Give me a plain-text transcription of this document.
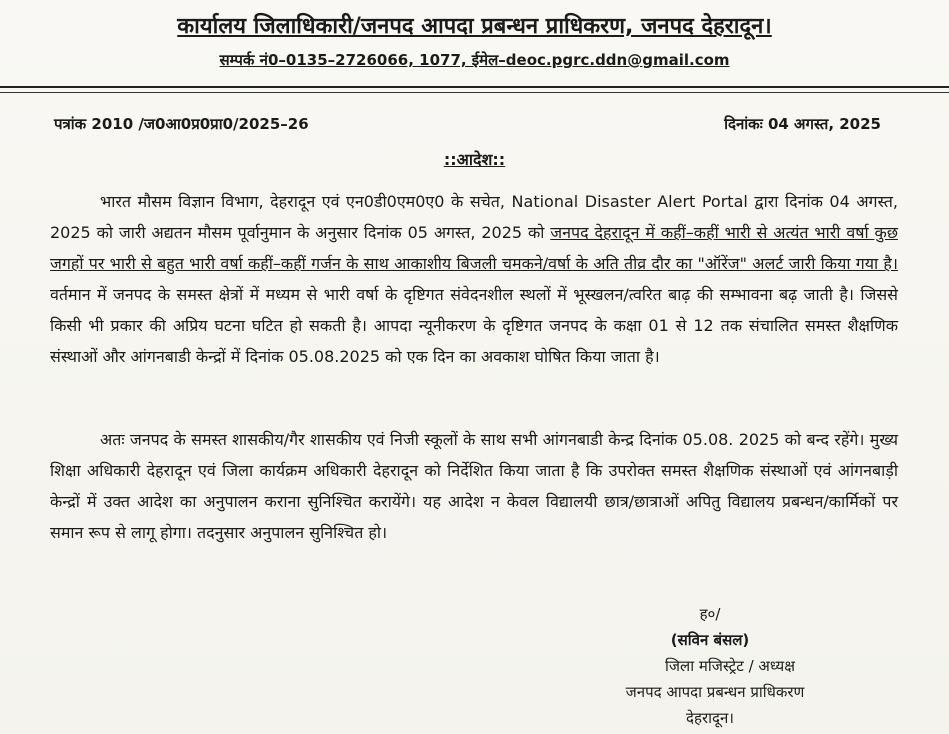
कार्यालय जिलाधिकारी/जनपद आपदा प्रबन्धन प्राधिकरण, जनपद देहरादून।
सम्पर्क नं0–0135–2726066, 1077, ईमेल–deoc.pgrc.ddn@gmail.com
पत्रांक 2010 /ज0आ0प्र0प्रा0/2025–26	दिनांकः 04 अगस्त, 2025
::आदेश::
भारत मौसम विज्ञान विभाग, देहरादून एवं एन0डी0एम0ए0 के सचेत, National Disaster Alert Portal द्वारा दिनांक 04 अगस्त, 2025 को जारी अद्यतन मौसम पूर्वानुमान के अनुसार दिनांक 05 अगस्त, 2025 को जनपद देहरादून में कहीं–कहीं भारी से अत्यंत भारी वर्षा कुछ जगहों पर भारी से बहुत भारी वर्षा कहीं–कहीं गर्जन के साथ आकाशीय बिजली चमकने/वर्षा के अति तीव्र दौर का "ऑरेंज" अलर्ट जारी किया गया है। वर्तमान में जनपद के समस्त क्षेत्रों में मध्यम से भारी वर्षा के दृष्टिगत संवेदनशील स्थलों में भूस्खलन/त्वरित बाढ़ की सम्भावना बढ़ जाती है। जिससे किसी भी प्रकार की अप्रिय घटना घटित हो सकती है। आपदा न्यूनीकरण के दृष्टिगत जनपद के कक्षा 01 से 12 तक संचालित समस्त शैक्षणिक संस्थाओं और आंगनबाडी केन्द्रों में दिनांक 05.08.2025 को एक दिन का अवकाश घोषित किया जाता है।
अतः जनपद के समस्त शासकीय/गैर शासकीय एवं निजी स्कूलों के साथ सभी आंगनबाडी केन्द्र दिनांक 05.08. 2025 को बन्द रहेंगे। मुख्य शिक्षा अधिकारी देहरादून एवं जिला कार्यक्रम अधिकारी देहरादून को निर्देशित किया जाता है कि उपरोक्त समस्त शैक्षणिक संस्थाओं एवं आंगनबाड़ी केन्द्रों में उक्त आदेश का अनुपालन कराना सुनिश्चित करायेंगे। यह आदेश न केवल विद्यालयी छात्र/छात्राओं अपितु विद्यालय प्रबन्धन/कार्मिकों पर समान रूप से लागू होगा। तदनुसार अनुपालन सुनिश्चित हो।
ह०/
(सविन बंसल)
जिला मजिस्ट्रेट / अध्यक्ष
जनपद आपदा प्रबन्धन प्राधिकरण
देहरादून।
